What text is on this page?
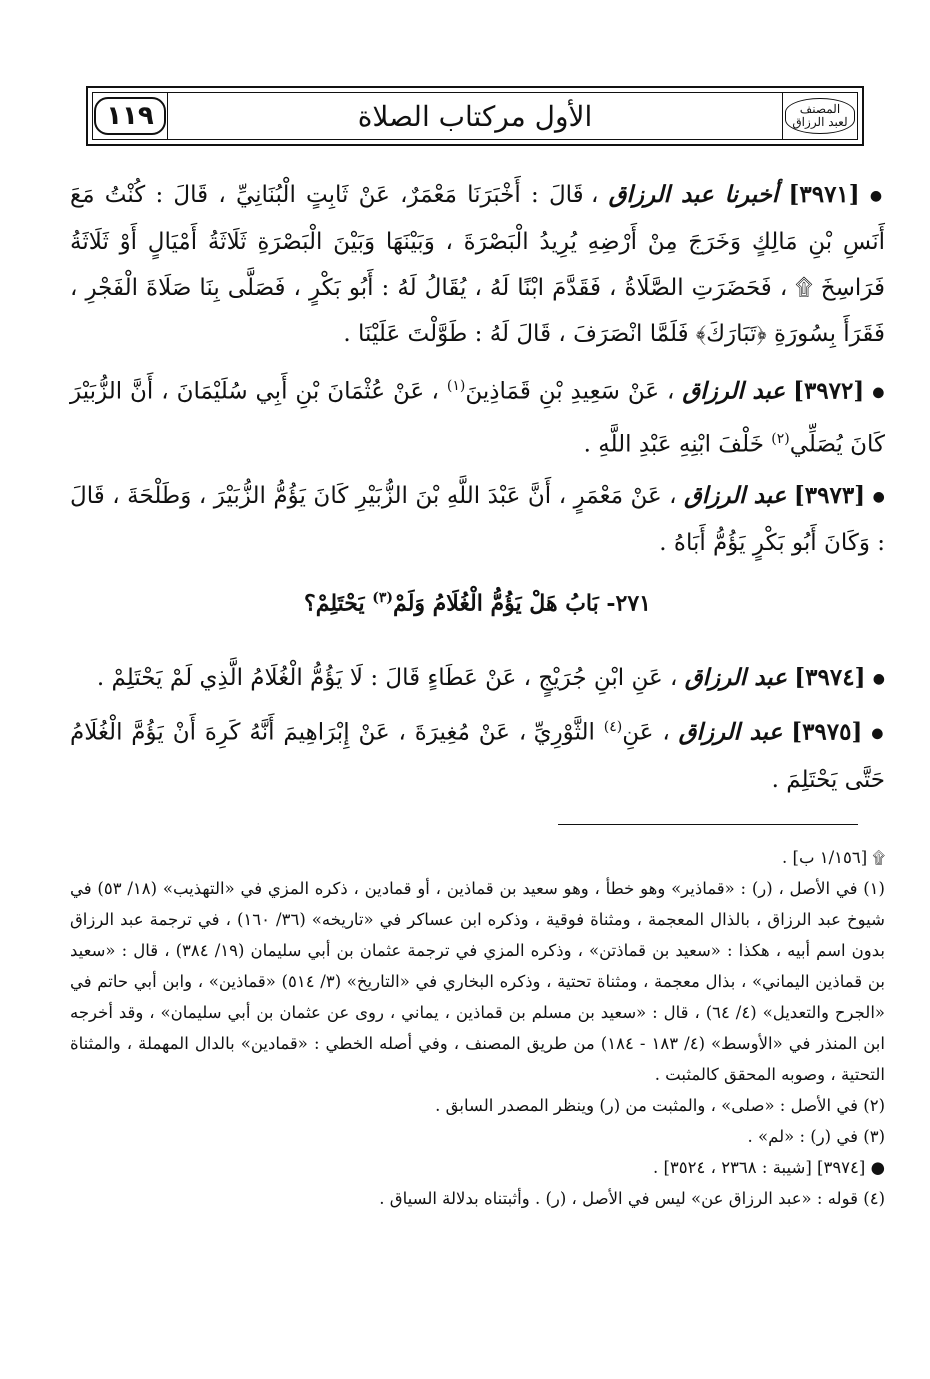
١١٩	الأول مركتاب الصلاة	المصنف
لعبد الرزاق

● [٣٩٧١] أخبرنا عبد الرزاق ، قَالَ : أَخْبَرَنَا مَعْمَرٌ، عَنْ ثَابِتٍ الْبُنَانِيِّ ، قَالَ : كُنْتُ مَعَ أَنَسِ بْنِ مَالِكٍ وَخَرَجَ مِنْ أَرْضِهِ يُرِيدُ الْبَصْرَةَ ، وَبَيْنَهَا وَبَيْنَ الْبَصْرَةِ ثَلَاثَةُ أَمْيَالٍ أَوْ ثَلَاثَةُ فَرَاسِخَ ۩ ، فَحَضَرَتِ الصَّلَاةُ ، فَقَدَّمَ ابْنًا لَهُ ، يُقَالُ لَهُ : أَبُو بَكْرٍ ، فَصَلَّى بِنَا صَلَاةَ الْفَجْرِ ، فَقَرَأَ بِسُورَةِ ﴿تَبَارَكَ﴾ فَلَمَّا انْصَرَفَ ، قَالَ لَهُ : طَوَّلْتَ عَلَيْنَا .

● [٣٩٧٢] عبد الرزاق ، عَنْ سَعِيدِ بْنِ قَمَاذِينَ$^{(١)}$ ، عَنْ عُثْمَانَ بْنِ أَبِي سُلَيْمَانَ ، أَنَّ الزُّبَيْرَ كَانَ يُصَلِّي$^{(٢)}$ خَلْفَ ابْنِهِ عَبْدِ اللَّهِ .

● [٣٩٧٣] عبد الرزاق ، عَنْ مَعْمَرٍ ، أَنَّ عَبْدَ اللَّهِ بْنَ الزُّبَيْرِ كَانَ يَؤُمُّ الزُّبَيْرَ ، وَطَلْحَةَ ، قَالَ : وَكَانَ أَبُو بَكْرٍ يَؤُمُّ أَبَاهُ .

٢٧١- بَابُ هَلْ يَؤُمُّ الْغُلَامُ وَلَمْ$^{(٣)}$ يَحْتَلِمْ؟

● [٣٩٧٤] عبد الرزاق ، عَنِ ابْنِ جُرَيْجٍ ، عَنْ عَطَاءٍ قَالَ : لَا يَؤُمُّ الْغُلَامُ الَّذِي لَمْ يَحْتَلِمْ .

● [٣٩٧٥] عبد الرزاق ، عَنِ$^{(٤)}$ الثَّوْرِيِّ ، عَنْ مُغِيرَةَ ، عَنْ إِبْرَاهِيمَ أَنَّهُ كَرِهَ أَنْ يَؤُمَّ الْغُلَامُ حَتَّى يَحْتَلِمَ .

۩ [١/١٥٦ ب] .

(١) في الأصل ، (ر) : «قماذير» وهو خطأ ، وهو سعيد بن قماذين ، أو قمادين ، ذكره المزي في «التهذيب» (١٨/ ٥٣) في شيوخ عبد الرزاق ، بالذال المعجمة ، ومثناة فوقية ، وذكره ابن عساكر في «تاريخه» (٣٦/ ١٦٠) ، في ترجمة عبد الرزاق بدون اسم أبيه ، هكذا : «سعيد بن قماذتن» ، وذكره المزي في ترجمة عثمان بن أبي سليمان (١٩/ ٣٨٤) ، قال : «سعيد بن قماذين اليماني» ، بذال معجمة ، ومثناة تحتية ، وذكره البخاري في «التاريخ» (٣/ ٥١٤) «قماذين» ، وابن أبي حاتم في «الجرح والتعديل» (٤/ ٦٤) ، قال : «سعيد بن مسلم بن قماذين ، يماني ، روى عن عثمان بن أبي سليمان» ، وقد أخرجه ابن المنذر في «الأوسط» (٤/ ١٨٣ - ١٨٤) من طريق المصنف ، وفي أصله الخطي : «قمادين» بالدال المهملة ، والمثناة التحتية ، وصوبه المحقق كالمثبت .

(٢) في الأصل : «صلى» ، والمثبت من (ر) وينظر المصدر السابق .

(٣) في (ر) : «لم» .

● [٣٩٧٤] [شيبة : ٢٣٦٨ ، ٣٥٢٤] .

(٤) قوله : «عبد الرزاق عن» ليس في الأصل ، (ر) . وأثبتناه بدلالة السياق .
